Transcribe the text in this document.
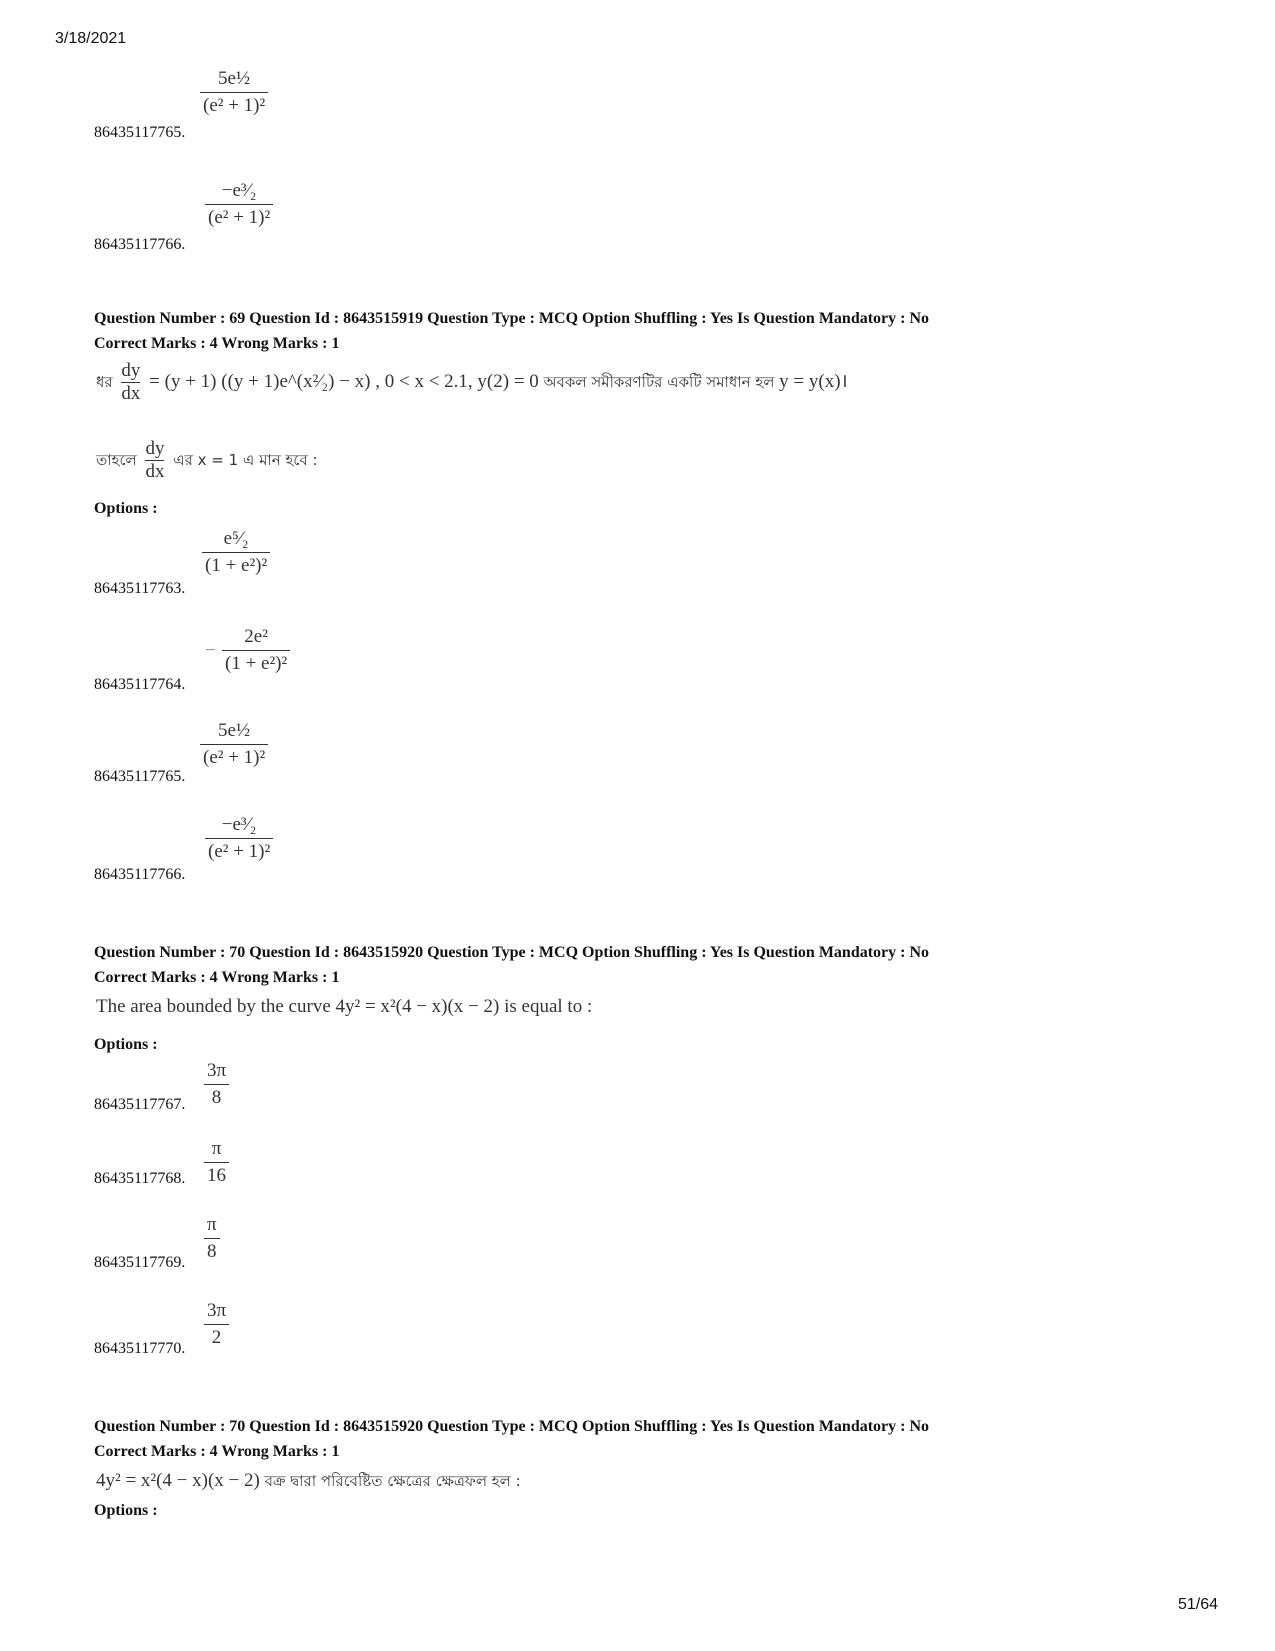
3/18/2021
5e½
(e² + 1)²
86435117765.
−e³⁄₂
(e² + 1)²
86435117766.
Question Number : 69 Question Id : 8643515919 Question Type : MCQ Option Shuffling : Yes Is Question Mandatory : No
Correct Marks : 4 Wrong Marks : 1
ধর $\frac{dy}{dx} = (y + 1) ((y$ + 1)e^(x²⁄₂) − x) , 0 < x < 2.1, y(2) = 0 অবকল সমীকরণটির একটি সমাধান হল y = y(x)।
তাহলে $\frac{dy}{dx}$ এর x = 1 এ মান হবে :
Options :
e⁵⁄₂
(1 + e²)²
86435117763.
−
2e²
(1 + e²)²
86435117764.
5e½
(e² + 1)²
86435117765.
−e³⁄₂
(e² + 1)²
86435117766.
Question Number : 70 Question Id : 8643515920 Question Type : MCQ Option Shuffling : Yes Is Question Mandatory : No
Correct Marks : 4 Wrong Marks : 1
The area bounded by the curve 4y² = x²(4 − x)(x − 2) is equal to :
Options :
3π
8
86435117767.
π
16
86435117768.
π
8
86435117769.
3π
2
86435117770.
Question Number : 70 Question Id : 8643515920 Question Type : MCQ Option Shuffling : Yes Is Question Mandatory : No
Correct Marks : 4 Wrong Marks : 1
4y² = x²(4 − x)(x − 2) বক্র দ্বারা পরিবেষ্টিত ক্ষেত্রের ক্ষেত্রফল হল :
Options :
51/64
